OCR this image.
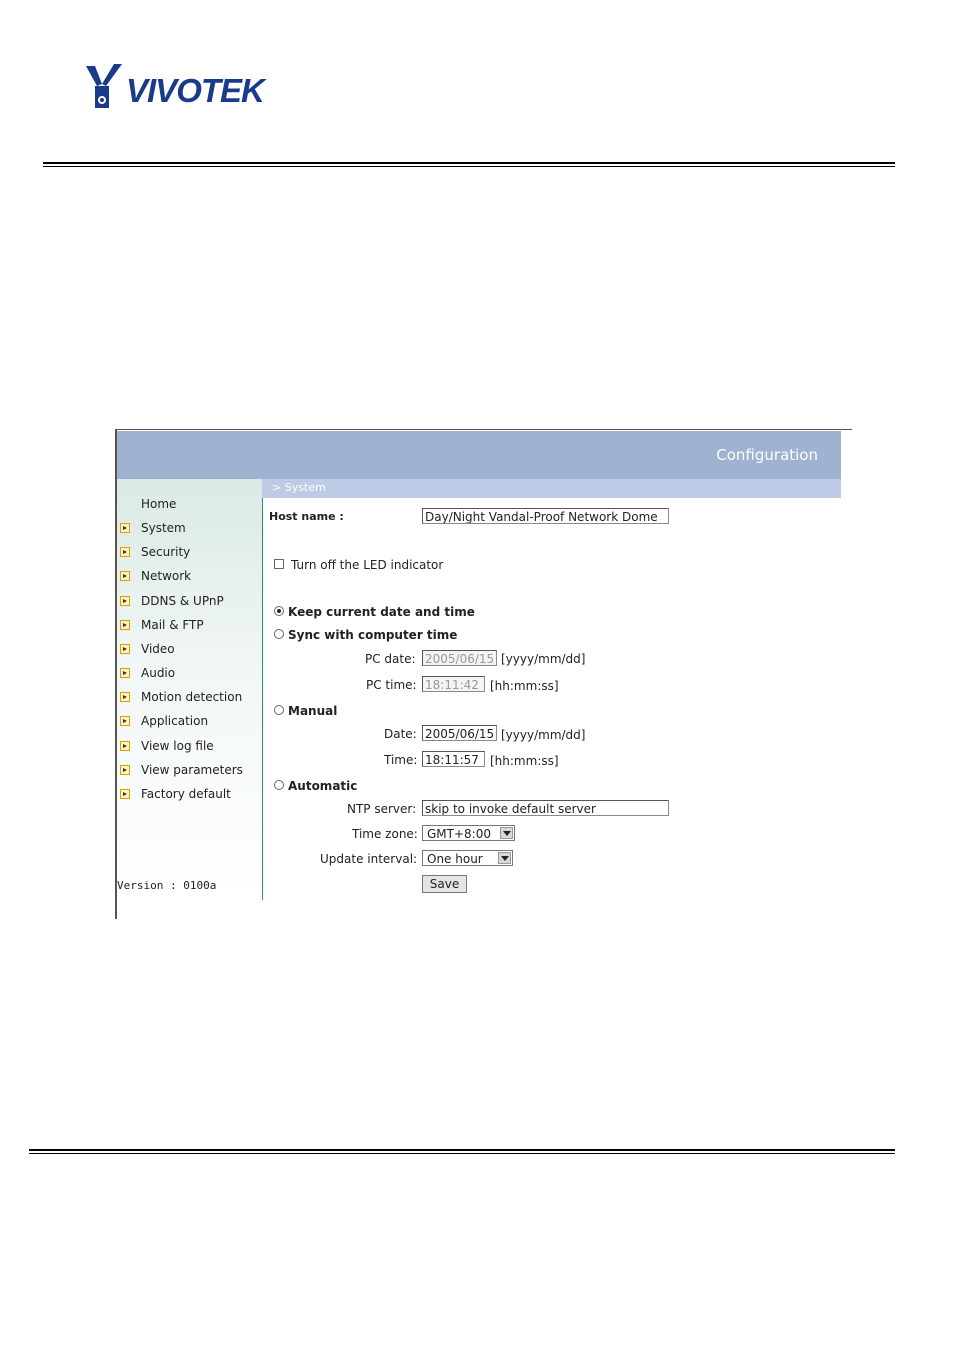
VIVOTEK
Configuration
Home
System
Security
Network
DDNS & UPnP
Mail & FTP
Video
Audio
Motion detection
Application
View log file
View parameters
Factory default
Version : 0100a
> System
Host name :	Day/Night Vandal-Proof Network Dome
Turn off the LED indicator
Keep current date and time
Sync with computer time
PC date: 2005/06/15 [yyyy/mm/dd]
PC time: 18:11:42 [hh:mm:ss]
Manual
Date: 2005/06/15 [yyyy/mm/dd]
Time: 18:11:57 [hh:mm:ss]
Automatic
NTP server: skip to invoke default server
Time zone: GMT+8:00
Update interval: One hour
Save
